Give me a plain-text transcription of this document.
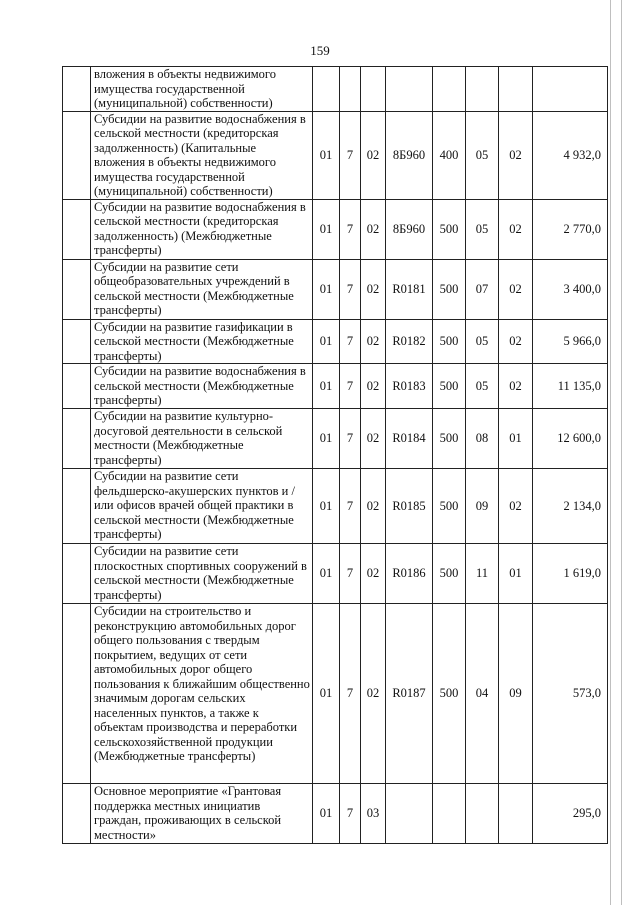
159
	вложения в объекты недвижимого имущества государственной (муниципальной) собственности)								
	Субсидии на развитие водоснабжения в сельской местности (кредиторская задолженность) (Капитальные вложения в объекты недвижимого имущества государственной (муниципальной) собственности)	01	7	02	8Б960	400	05	02	4 932,0
	Субсидии на развитие водоснабжения в сельской местности (кредиторская задолженность) (Межбюджетные трансферты)	01	7	02	8Б960	500	05	02	2 770,0
	Субсидии на развитие сети общеобразовательных учреждений в сельской местности (Межбюджетные трансферты)	01	7	02	R0181	500	07	02	3 400,0
	Субсидии на развитие газификации в сельской местности (Межбюджетные трансферты)	01	7	02	R0182	500	05	02	5 966,0
	Субсидии на развитие водоснабжения в сельской местности (Межбюджетные трансферты)	01	7	02	R0183	500	05	02	11 135,0
	Субсидии на развитие культурно-досуговой деятельности в сельской местности (Межбюджетные трансферты)	01	7	02	R0184	500	08	01	12 600,0
	Субсидии на развитие сети фельдшерско-акушерских пунктов и /или офисов врачей общей практики в сельской местности (Межбюджетные трансферты)	01	7	02	R0185	500	09	02	2 134,0
	Субсидии на развитие сети плоскостных спортивных сооружений в сельской местности (Межбюджетные трансферты)	01	7	02	R0186	500	11	01	1 619,0
	Субсидии на строительство и реконструкцию автомобильных дорог общего пользования с твердым покрытием, ведущих от сети автомобильных дорог общего пользования к ближайшим общественно значимым дорогам сельских населенных пунктов, а также к объектам производства и переработки сельскохозяйственной продукции (Межбюджетные трансферты)	01	7	02	R0187	500	04	09	573,0
	Основное мероприятие «Грантовая поддержка местных инициатив граждан, проживающих в сельской местности»	01	7	03					295,0
